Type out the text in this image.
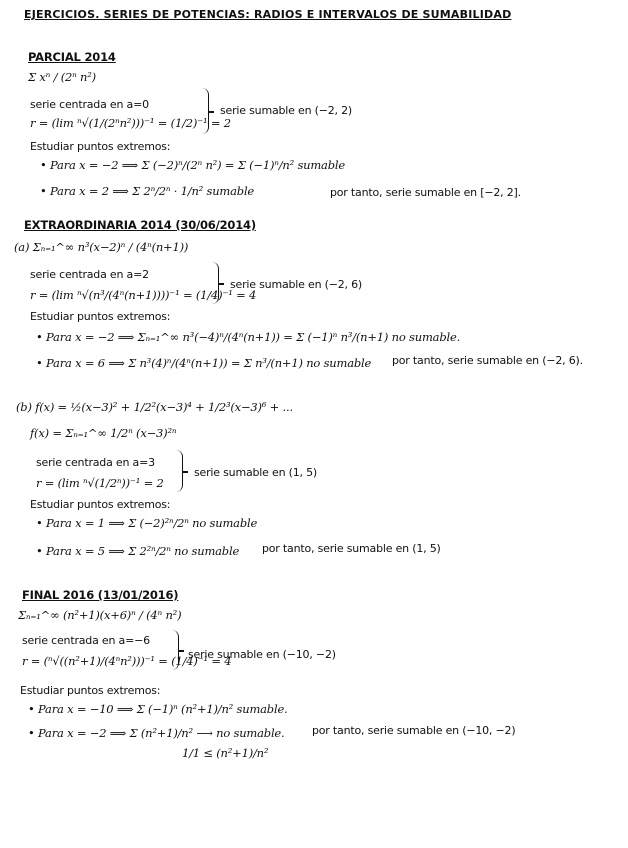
EJERCICIOS. SERIES DE POTENCIAS: RADIOS E INTERVALOS DE SUMABILIDAD
PARCIAL 2014
Σ xⁿ / (2ⁿ n²)
serie centrada en a=0
r = (lim ⁿ√(1/(2ⁿn²)))⁻¹ = (1/2)⁻¹ = 2
serie sumable en (−2, 2)
Estudiar puntos extremos:
• Para x = −2 ⟹ Σ (−2)ⁿ/(2ⁿ n²) = Σ (−1)ⁿ/n² sumable
• Para x = 2 ⟹ Σ 2ⁿ/2ⁿ · 1/n² sumable	por tanto, serie sumable en [−2, 2].
EXTRAORDINARIA 2014 (30/06/2014)
(a) Σₙ₌₁^∞ n³(x−2)ⁿ / (4ⁿ(n+1))
serie centrada en a=2
r = (lim ⁿ√(n³/(4ⁿ(n+1))))⁻¹ = (1/4)⁻¹ = 4
serie sumable en (−2, 6)
Estudiar puntos extremos:
• Para x = −2 ⟹ Σₙ₌₁^∞ n³(−4)ⁿ/(4ⁿ(n+1)) = Σ (−1)ⁿ n³/(n+1) no sumable.
• Para x = 6 ⟹ Σ n³(4)ⁿ/(4ⁿ(n+1)) = Σ n³/(n+1) no sumable por tanto, serie sumable en (−2, 6).
(b) f(x) = ½(x−3)² + 1/2²(x−3)⁴ + 1/2³(x−3)⁶ + ...
f(x) = Σₙ₌₁^∞ 1/2ⁿ (x−3)²ⁿ
serie centrada en a=3
r = (lim ⁿ√(1/2ⁿ))⁻¹ = 2
serie sumable en (1, 5)
Estudiar puntos extremos:
• Para x = 1 ⟹ Σ (−2)²ⁿ/2ⁿ no sumable
• Para x = 5 ⟹ Σ 2²ⁿ/2ⁿ no sumable por tanto, serie sumable en (1, 5)
FINAL 2016 (13/01/2016)
Σₙ₌₁^∞ (n²+1)(x+6)ⁿ / (4ⁿ n²)
serie centrada en a=−6
r = (ⁿ√((n²+1)/(4ⁿn²)))⁻¹ = (1/4)⁻¹ = 4
serie sumable en (−10, −2)
Estudiar puntos extremos:
• Para x = −10 ⟹ Σ (−1)ⁿ (n²+1)/n² sumable.
• Para x = −2 ⟹ Σ (n²+1)/n² ⟶ no sumable.
1/1 ≤ (n²+1)/n²
por tanto, serie sumable en (−10, −2)
